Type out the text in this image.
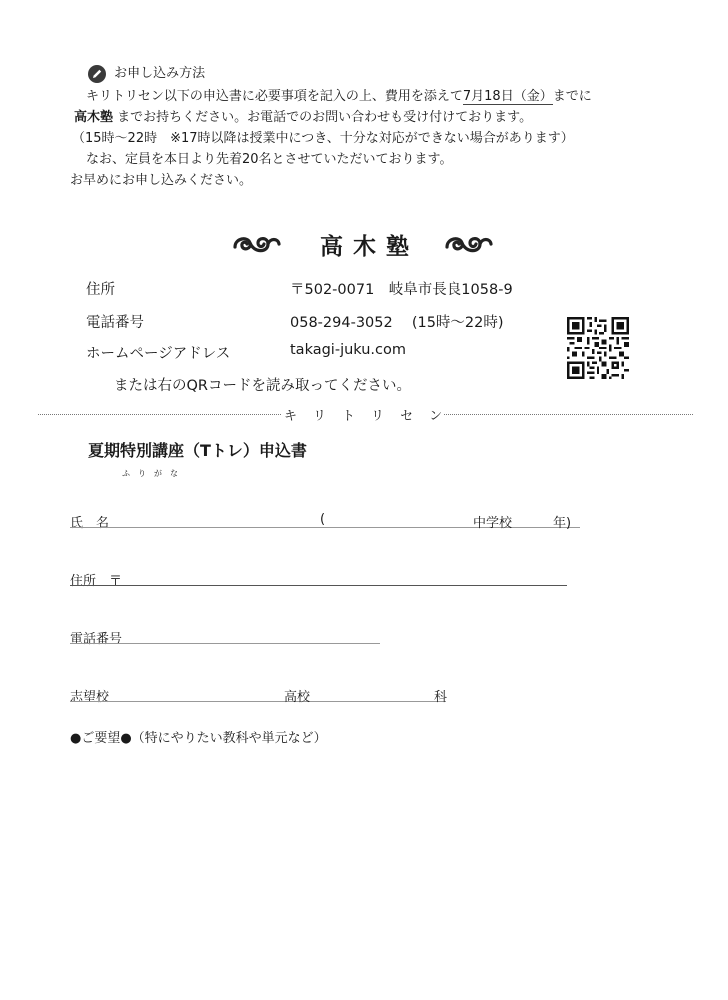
お申し込み方法
キリトリセン以下の申込書に必要事項を記入の上、費用を添えて7月18日（金）までに
高木塾 までお持ちください。お電話でのお問い合わせも受け付けております。
（15時～22時　※17時以降は授業中につき、十分な対応ができない場合があります）
なお、定員を本日より先着20名とさせていただいております。
お早めにお申し込みください。
高 木 塾
住所	〒502-0071　岐阜市長良1058-9
電話番号	058-294-3052　 (15時～22時)
ホームページアドレス	takagi-juku.com
または右のQRコードを読み取ってください。
キ リ ト リ セ ン
夏期特別講座（Tトレ）申込書
ふ　り　が　な
氏　名	(	中学校	年)
住所　〒
電話番号
志望校	高校	科
●ご要望●（特にやりたい教科や単元など）
